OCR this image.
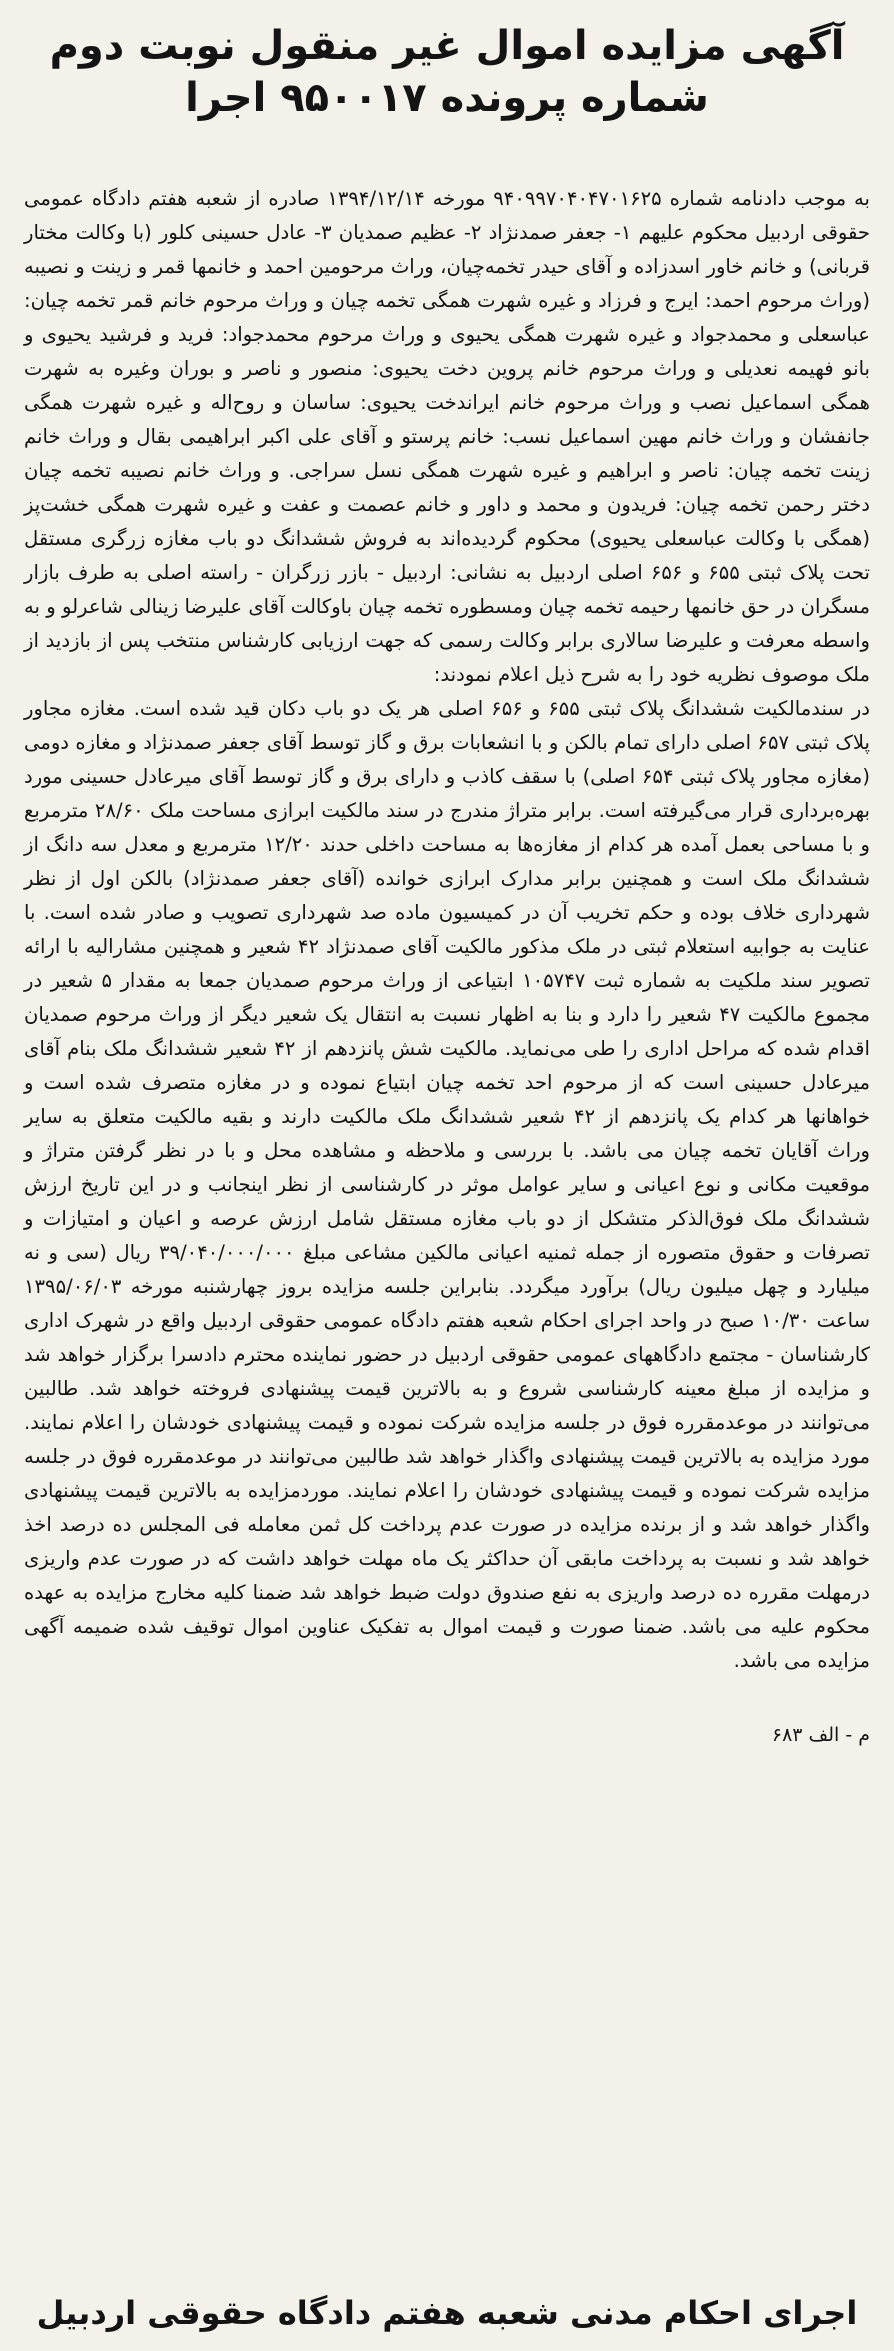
آگهی مزایده اموال غیر منقول نوبت دوم
شماره پرونده ۹۵۰۰۱۷ اجرا

به موجب دادنامه شماره ۹۴۰۹۹۷۰۴۰۴۷۰۱۶۲۵ مورخه ۱۳۹۴/۱۲/۱۴ صادره از شعبه هفتم دادگاه عمومی حقوقی اردبیل محکوم علیهم ۱- جعفر صمدنژاد ۲- عظیم صمدیان ۳- عادل حسینی کلور (با وکالت مختار قربانی) و خانم خاور اسدزاده و آقای حیدر تخمه‌چیان، وراث مرحومین احمد و خانمها قمر و زینت و نصیبه (وراث مرحوم احمد: ایرج و فرزاد و غیره شهرت همگی تخمه چیان و وراث مرحوم خانم قمر تخمه چیان: عباسعلی و محمدجواد و غیره شهرت همگی یحیوی و وراث مرحوم محمدجواد: فرید و فرشید یحیوی و بانو فهیمه نعدیلی و وراث مرحوم خانم پروین دخت یحیوی: منصور و ناصر و بوران وغیره به شهرت همگی اسماعیل نصب و وراث مرحوم خانم ایراندخت یحیوی: ساسان و روح‌اله و غیره شهرت همگی جانفشان و وراث خانم مهین اسماعیل نسب: خانم پرستو و آقای علی اکبر ابراهیمی بقال و وراث خانم زینت تخمه چیان: ناصر و ابراهیم و غیره شهرت همگی نسل سراجی. و وراث خانم نصیبه تخمه چیان دختر رحمن تخمه چیان: فریدون و محمد و داور و خانم عصمت و عفت و غیره شهرت همگی خشت‌پز (همگی با وکالت عباسعلی یحیوی) محکوم گردیده‌اند به فروش ششدانگ دو باب مغازه زرگری مستقل تحت پلاک ثبتی ۶۵۵ و ۶۵۶ اصلی اردبیل به نشانی: اردبیل - بازر زرگران - راسته اصلی به طرف بازار مسگران در حق خانمها رحیمه تخمه چیان ومسطوره تخمه چیان باوکالت آقای علیرضا زینالی شاعرلو و به واسطه معرفت و علیرضا سالاری برابر وکالت رسمی که جهت ارزیابی کارشناس منتخب پس از بازدید از ملک موصوف نظریه خود را به شرح ذیل اعلام نمودند:
در سندمالکیت ششدانگ پلاک ثبتی ۶۵۵ و ۶۵۶ اصلی هر یک دو باب دکان قید شده است. مغازه مجاور پلاک ثبتی ۶۵۷ اصلی دارای تمام بالکن و با انشعابات برق و گاز توسط آقای جعفر صمدنژاد و مغازه دومی (مغازه مجاور پلاک ثبتی ۶۵۴ اصلی) با سقف کاذب و دارای برق و گاز توسط آقای میرعادل حسینی مورد بهره‌برداری قرار می‌گیرفته است. برابر متراژ مندرج در سند مالکیت ابرازی مساحت ملک ۲۸/۶۰ مترمربع و با مساحی بعمل آمده هر کدام از مغازه‌ها به مساحت داخلی حدند ۱۲/۲۰ مترمربع و معدل سه دانگ از ششدانگ ملک است و همچنین برابر مدارک ابرازی خوانده (آقای جعفر صمدنژاد) بالکن اول از نظر شهرداری خلاف بوده و حکم تخریب آن در کمیسیون ماده صد شهرداری تصویب و صادر شده است. با عنایت به جوابیه استعلام ثبتی در ملک مذکور مالکیت آقای صمدنژاد ۴۲ شعیر و همچنین مشارالیه با ارائه تصویر سند ملکیت به شماره ثبت ۱۰۵۷۴۷ ابتیاعی از وراث مرحوم صمدیان جمعا به مقدار ۵ شعیر در مجموع مالکیت ۴۷ شعیر را دارد و بنا به اظهار نسبت به انتقال یک شعیر دیگر از وراث مرحوم صمدیان اقدام شده که مراحل اداری را طی می‌نماید. مالکیت شش پانزدهم از ۴۲ شعیر ششدانگ ملک بنام آقای میرعادل حسینی است که از مرحوم احد تخمه چیان ابتیاع نموده و در مغازه متصرف شده است و خواهانها هر کدام یک پانزدهم از ۴۲ شعیر ششدانگ ملک مالکیت دارند و بقیه مالکیت متعلق به سایر وراث آقایان تخمه چیان می باشد. با بررسی و ملاحظه و مشاهده محل و با در نظر گرفتن متراژ و موقعیت مکانی و نوع اعیانی و سایر عوامل موثر در کارشناسی از نظر اینجانب و در این تاریخ ارزش ششدانگ ملک فوق‌الذکر متشکل از دو باب مغازه مستقل شامل ارزش عرصه و اعیان و امتیازات و تصرفات و حقوق متصوره از جمله ثمنیه اعیانی مالکین مشاعی مبلغ ۳۹/۰۴۰/۰۰۰/۰۰۰ ریال (سی و نه میلیارد و چهل میلیون ریال) برآورد میگردد. بنابراین جلسه مزایده بروز چهارشنبه مورخه ۱۳۹۵/۰۶/۰۳ ساعت ۱۰/۳۰ صبح در واحد اجرای احکام شعبه هفتم دادگاه عمومی حقوقی اردبیل واقع در شهرک اداری کارشناسان - مجتمع دادگاههای عمومی حقوقی اردبیل در حضور نماینده محترم دادسرا برگزار خواهد شد و مزایده از مبلغ معینه کارشناسی شروع و به بالاترین قیمت پیشنهادی فروخته خواهد شد. طالبین می‌توانند در موعدمقرره فوق در جلسه مزایده شرکت نموده و قیمت پیشنهادی خودشان را اعلام نمایند. مورد مزایده به بالاترین قیمت پیشنهادی واگذار خواهد شد طالبین می‌توانند در موعدمقرره فوق در جلسه مزایده شرکت نموده و قیمت پیشنهادی خودشان را اعلام نمایند. موردمزایده به بالاترین قیمت پیشنهادی واگذار خواهد شد و از برنده مزایده در صورت عدم پرداخت کل ثمن معامله فی المجلس ده درصد اخذ خواهد شد و نسبت به پرداخت مابقی آن حداکثر یک ماه مهلت خواهد داشت که در صورت عدم واریزی درمهلت مقرره ده درصد واریزی به نفع صندوق دولت ضبط خواهد شد ضمنا کلیه مخارج مزایده به عهده محکوم علیه می باشد. ضمنا صورت و قیمت اموال به تفکیک عناوین اموال توقیف شده ضمیمه آگهی مزایده می باشد.

م - الف ۶۸۳
اجرای احکام مدنی شعبه هفتم دادگاه حقوقی اردبیل
